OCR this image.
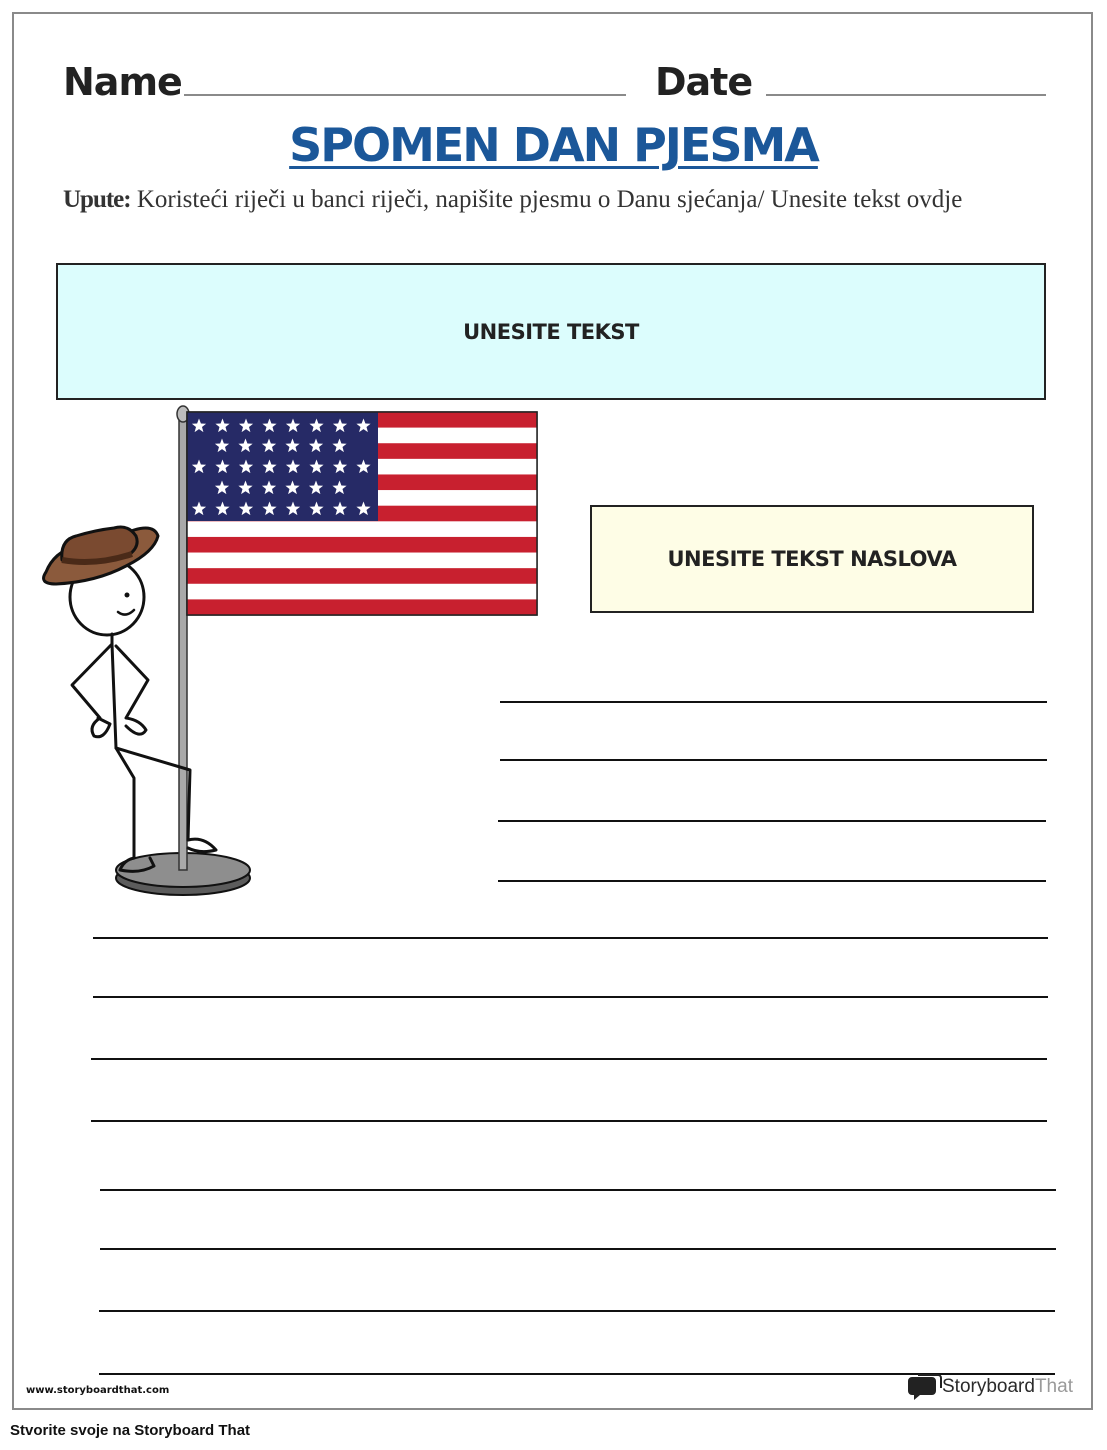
Name	Date
SPOMEN DAN PJESMA
Upute: Koristeći riječi u banci riječi, napišite pjesmu o Danu sjećanja/ Unesite tekst ovdje
UNESITE TEKST
UNESITE TEKST NASLOVA
www.storyboardthat.com	Storyboard That
Stvorite svoje na Storyboard That
